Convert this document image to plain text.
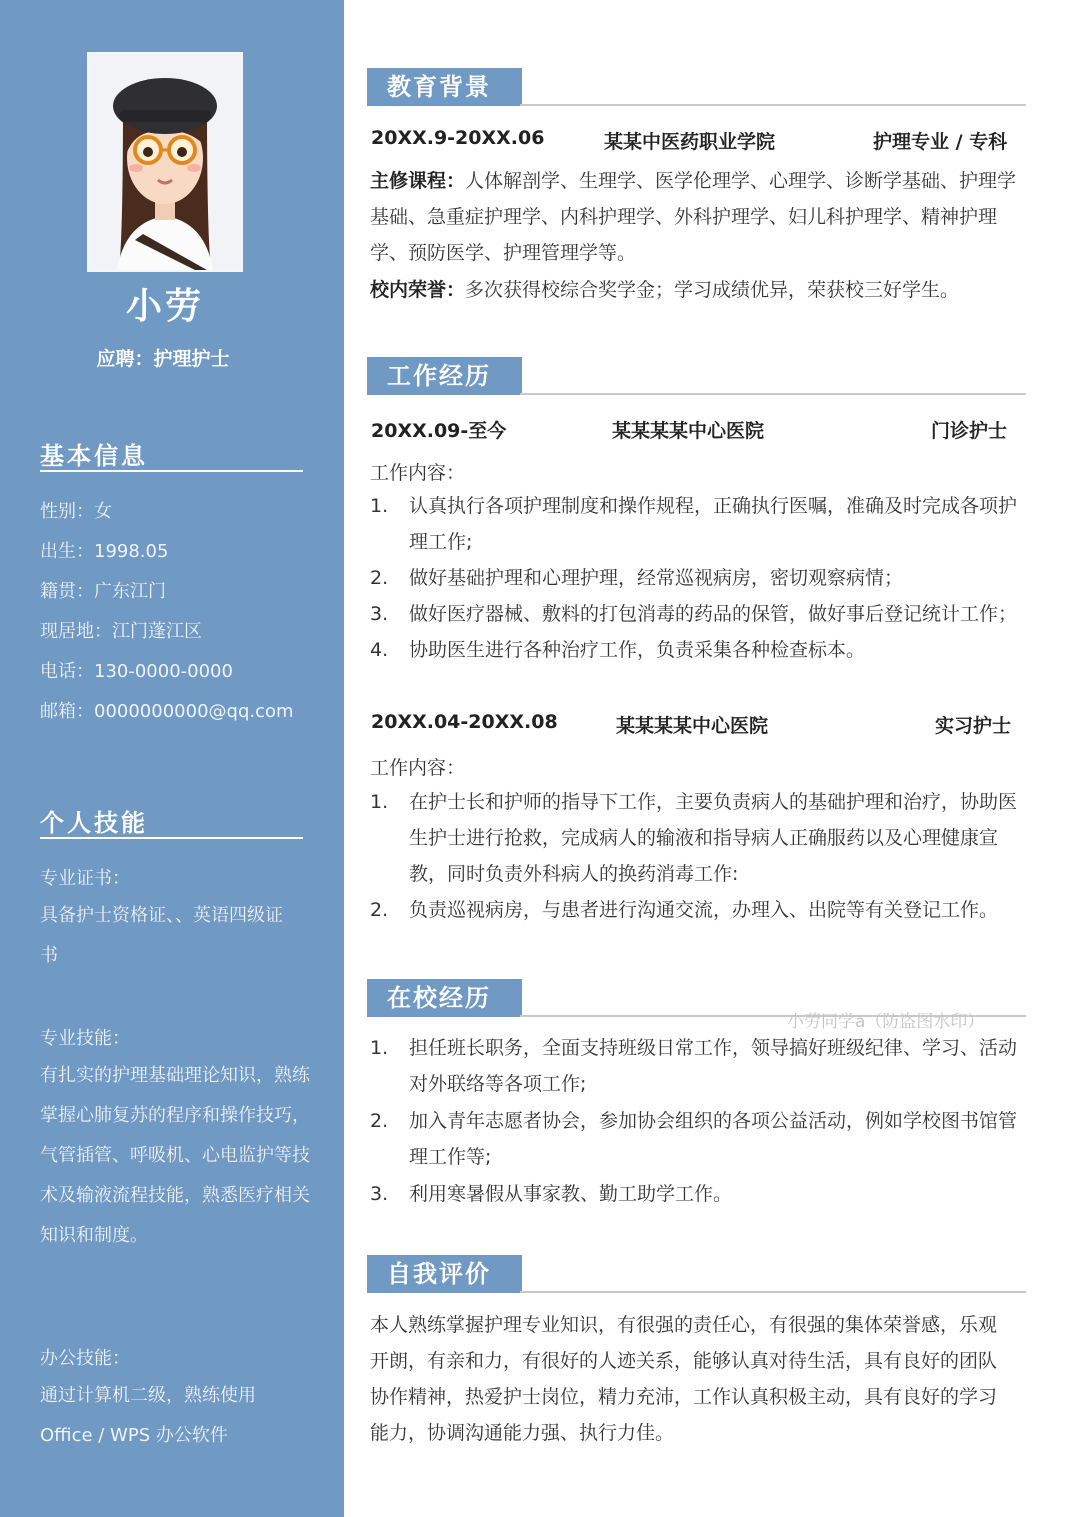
小劳
应聘：护理护士
基本信息
性别：女
出生：1998.05
籍贯：广东江门
现居地：江门蓬江区
电话：130-0000-0000
邮箱：0000000000@qq.com
个人技能
专业证书：
具备护士资格证、、英语四级证书
专业技能：
有扎实的护理基础理论知识，熟练掌握心肺复苏的程序和操作技巧，气管插管、呼吸机、心电监护等技术及输液流程技能，熟悉医疗相关知识和制度。
办公技能：
通过计算机二级，熟练使用 Office / WPS 办公软件
教育背景
20XX.9-20XX.06	某某中医药职业学院	护理专业 / 专科
主修课程：人体解剖学、生理学、医学伦理学、心理学、诊断学基础、护理学基础、急重症护理学、内科护理学、外科护理学、妇儿科护理学、精神护理学、预防医学、护理管理学等。
校内荣誉：多次获得校综合奖学金；学习成绩优异，荣获校三好学生。
工作经历
20XX.09-至今	某某某某中心医院	门诊护士
工作内容：
1. 认真执行各项护理制度和操作规程，正确执行医嘱，准确及时完成各项护理工作;
2. 做好基础护理和心理护理，经常巡视病房，密切观察病情；
3. 做好医疗器械、敷料的打包消毒的药品的保管，做好事后登记统计工作；
4. 协助医生进行各种治疗工作，负责采集各种检查标本。
20XX.04-20XX.08	某某某某中心医院	实习护士
工作内容：
1. 在护士长和护师的指导下工作，主要负责病人的基础护理和治疗，协助医生护士进行抢救，完成病人的输液和指导病人正确服药以及心理健康宣教，同时负责外科病人的换药消毒工作:
2. 负责巡视病房，与患者进行沟通交流，办理入、出院等有关登记工作。
在校经历
小劳同学a（防盗图水印）
1. 担任班长职务，全面支持班级日常工作，领导搞好班级纪律、学习、活动对外联络等各项工作;
2. 加入青年志愿者协会，参加协会组织的各项公益活动，例如学校图书馆管理工作等;
3. 利用寒暑假从事家教、勤工助学工作。
自我评价
本人熟练掌握护理专业知识，有很强的责任心，有很强的集体荣誉感，乐观开朗，有亲和力，有很好的人迹关系，能够认真对待生活，具有良好的团队协作精神，热爱护士岗位，精力充沛，工作认真积极主动，具有良好的学习能力，协调沟通能力强、执行力佳。
